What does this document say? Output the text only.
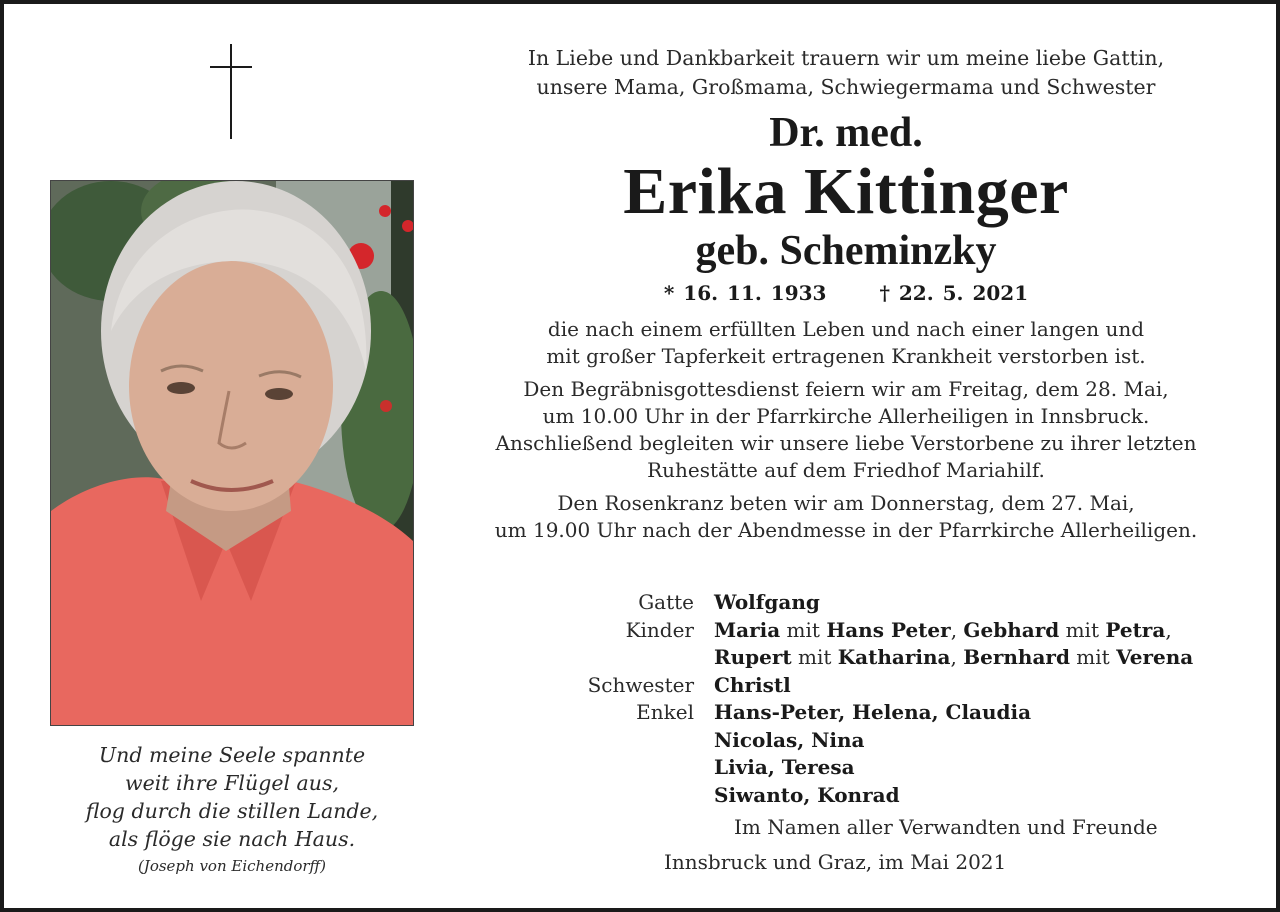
Und meine Seele spannte
weit ihre Flügel aus,
flog durch die stillen Lande,
als flöge sie nach Haus.
(Joseph von Eichendorff)
In Liebe und Dankbarkeit trauern wir um meine liebe Gattin,
unsere Mama, Großmama, Schwiegermama und Schwester
Dr. med.
Erika Kittinger
geb. Scheminzky
* 16. 11. 1933	† 22. 5. 2021
die nach einem erfüllten Leben und nach einer langen und
mit großer Tapferkeit ertragenen Krankheit verstorben ist.
Den Begräbnisgottesdienst feiern wir am Freitag, dem 28. Mai,
um 10.00 Uhr in der Pfarrkirche Allerheiligen in Innsbruck.
Anschließend begleiten wir unsere liebe Verstorbene zu ihrer letzten
Ruhestätte auf dem Friedhof Mariahilf.
Den Rosenkranz beten wir am Donnerstag, dem 27. Mai,
um 19.00 Uhr nach der Abendmesse in der Pfarrkirche Allerheiligen.
Gatte	Wolfgang
Kinder	Maria mit Hans Peter, Gebhard mit Petra,
Rupert mit Katharina, Bernhard mit Verena
Schwester	Christl
Enkel	Hans-Peter, Helena, Claudia
Nicolas, Nina
Livia, Teresa
Siwanto, Konrad
Im Namen aller Verwandten und Freunde
Innsbruck und Graz, im Mai 2021
